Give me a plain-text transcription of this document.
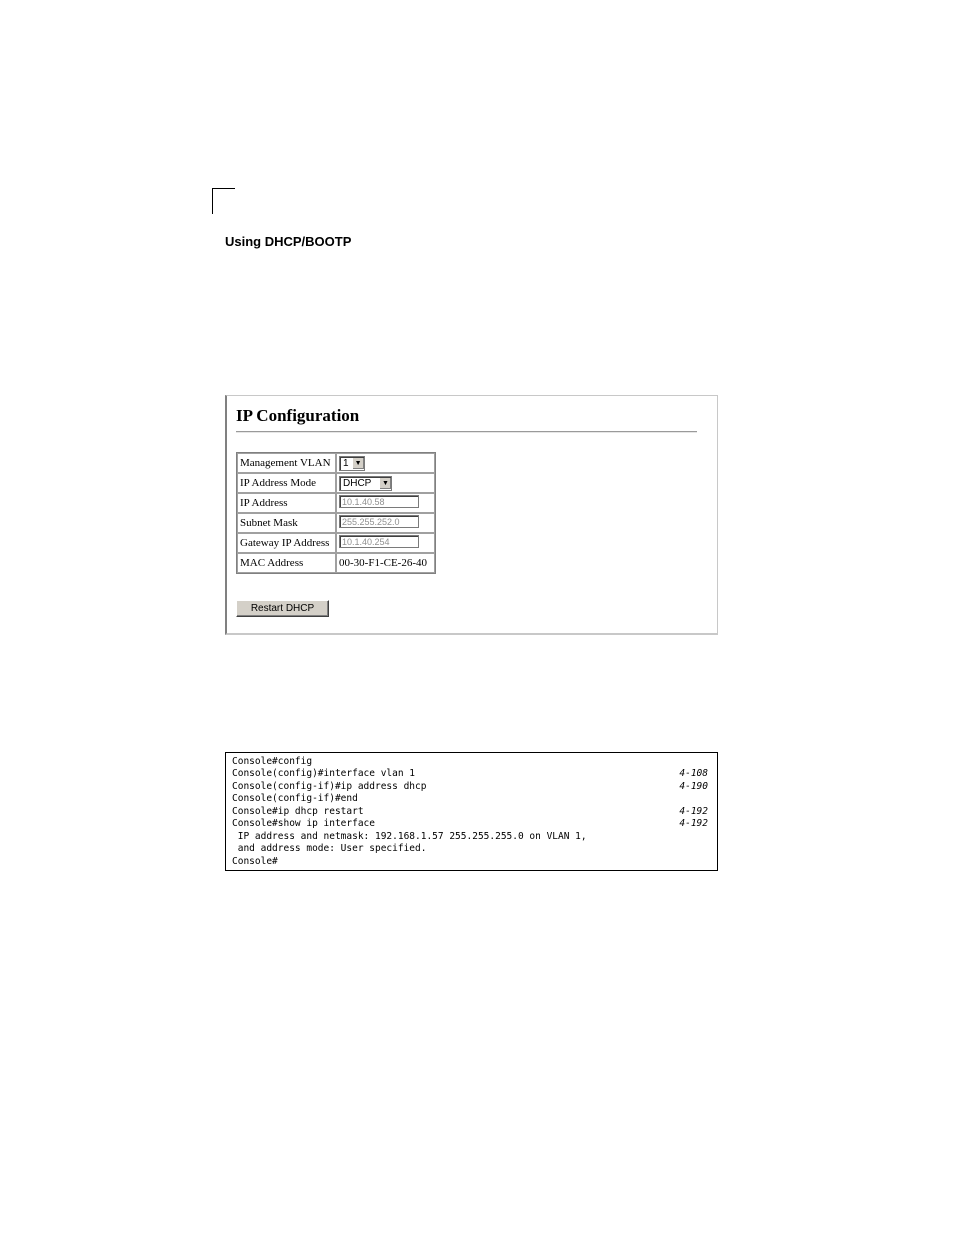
Using DHCP/BOOTP
IP Configuration
Management VLAN	1 ▼

IP Address Mode	DHCP ▼

IP Address	10.1.40.58
Subnet Mask	255.255.252.0
Gateway IP Address	10.1.40.254
MAC Address	00-30-F1-CE-26-40
Restart DHCP
Console#config
Console(config)#interface vlan 1	4-108
Console(config-if)#ip address dhcp	4-190
Console(config-if)#end
Console#ip dhcp restart	4-192
Console#show ip interface	4-192
IP address and netmask: 192.168.1.57 255.255.255.0 on VLAN 1,
and address mode: User specified.
Console#
